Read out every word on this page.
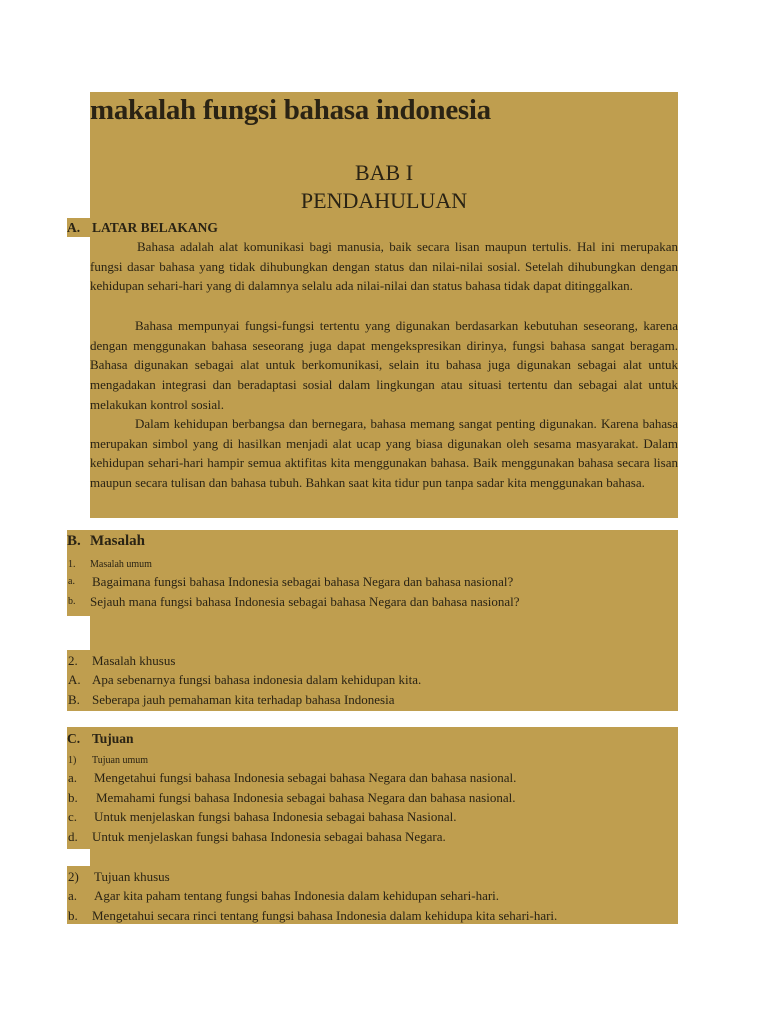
makalah fungsi bahasa indonesia
BAB I
PENDAHULUAN
A. LATAR BELAKANG

Bahasa adalah alat komunikasi bagi manusia, baik secara lisan maupun tertulis. Hal ini merupakan fungsi dasar bahasa yang tidak dihubungkan dengan status dan nilai-nilai sosial. Setelah dihubungkan dengan kehidupan sehari-hari yang di dalamnya selalu ada nilai-nilai dan status bahasa tidak dapat ditinggalkan.

Bahasa mempunyai fungsi-fungsi tertentu yang digunakan berdasarkan kebutuhan seseorang, karena dengan menggunakan bahasa seseorang juga dapat mengekspresikan dirinya, fungsi bahasa sangat beragam. Bahasa digunakan sebagai alat untuk berkomunikasi, selain itu bahasa juga digunakan sebagai alat untuk mengadakan integrasi dan beradaptasi sosial dalam lingkungan atau situasi tertentu dan sebagai alat untuk melakukan kontrol sosial.

Dalam kehidupan berbangsa dan bernegara, bahasa memang sangat penting digunakan. Karena bahasa merupakan simbol yang di hasilkan menjadi alat ucap yang biasa digunakan oleh sesama masyarakat. Dalam kehidupan sehari-hari hampir semua aktifitas kita menggunakan bahasa. Baik menggunakan bahasa secara lisan maupun secara tulisan dan bahasa tubuh. Bahkan saat kita tidur pun tanpa sadar kita menggunakan bahasa.

B. Masalah
1. Masalah umum
a. Bagaimana fungsi bahasa Indonesia sebagai bahasa Negara dan bahasa nasional?
b. Sejauh mana fungsi bahasa Indonesia sebagai bahasa Negara dan bahasa nasional?
2. Masalah khusus
A. Apa sebenarnya fungsi bahasa indonesia dalam kehidupan kita.
B. Seberapa jauh pemahaman kita terhadap bahasa Indonesia
C. Tujuan
1) Tujuan umum
a. Mengetahui fungsi bahasa Indonesia sebagai bahasa Negara dan bahasa nasional.
b. Memahami fungsi bahasa Indonesia sebagai bahasa Negara dan bahasa nasional.
c. Untuk menjelaskan fungsi bahasa Indonesia sebagai bahasa Nasional.
d. Untuk menjelaskan fungsi bahasa Indonesia sebagai bahasa Negara.
2) Tujuan khusus
a. Agar kita paham tentang fungsi bahas Indonesia dalam kehidupan sehari-hari.
b. Mengetahui secara rinci tentang fungsi bahasa Indonesia dalam kehidupa kita sehari-hari.
